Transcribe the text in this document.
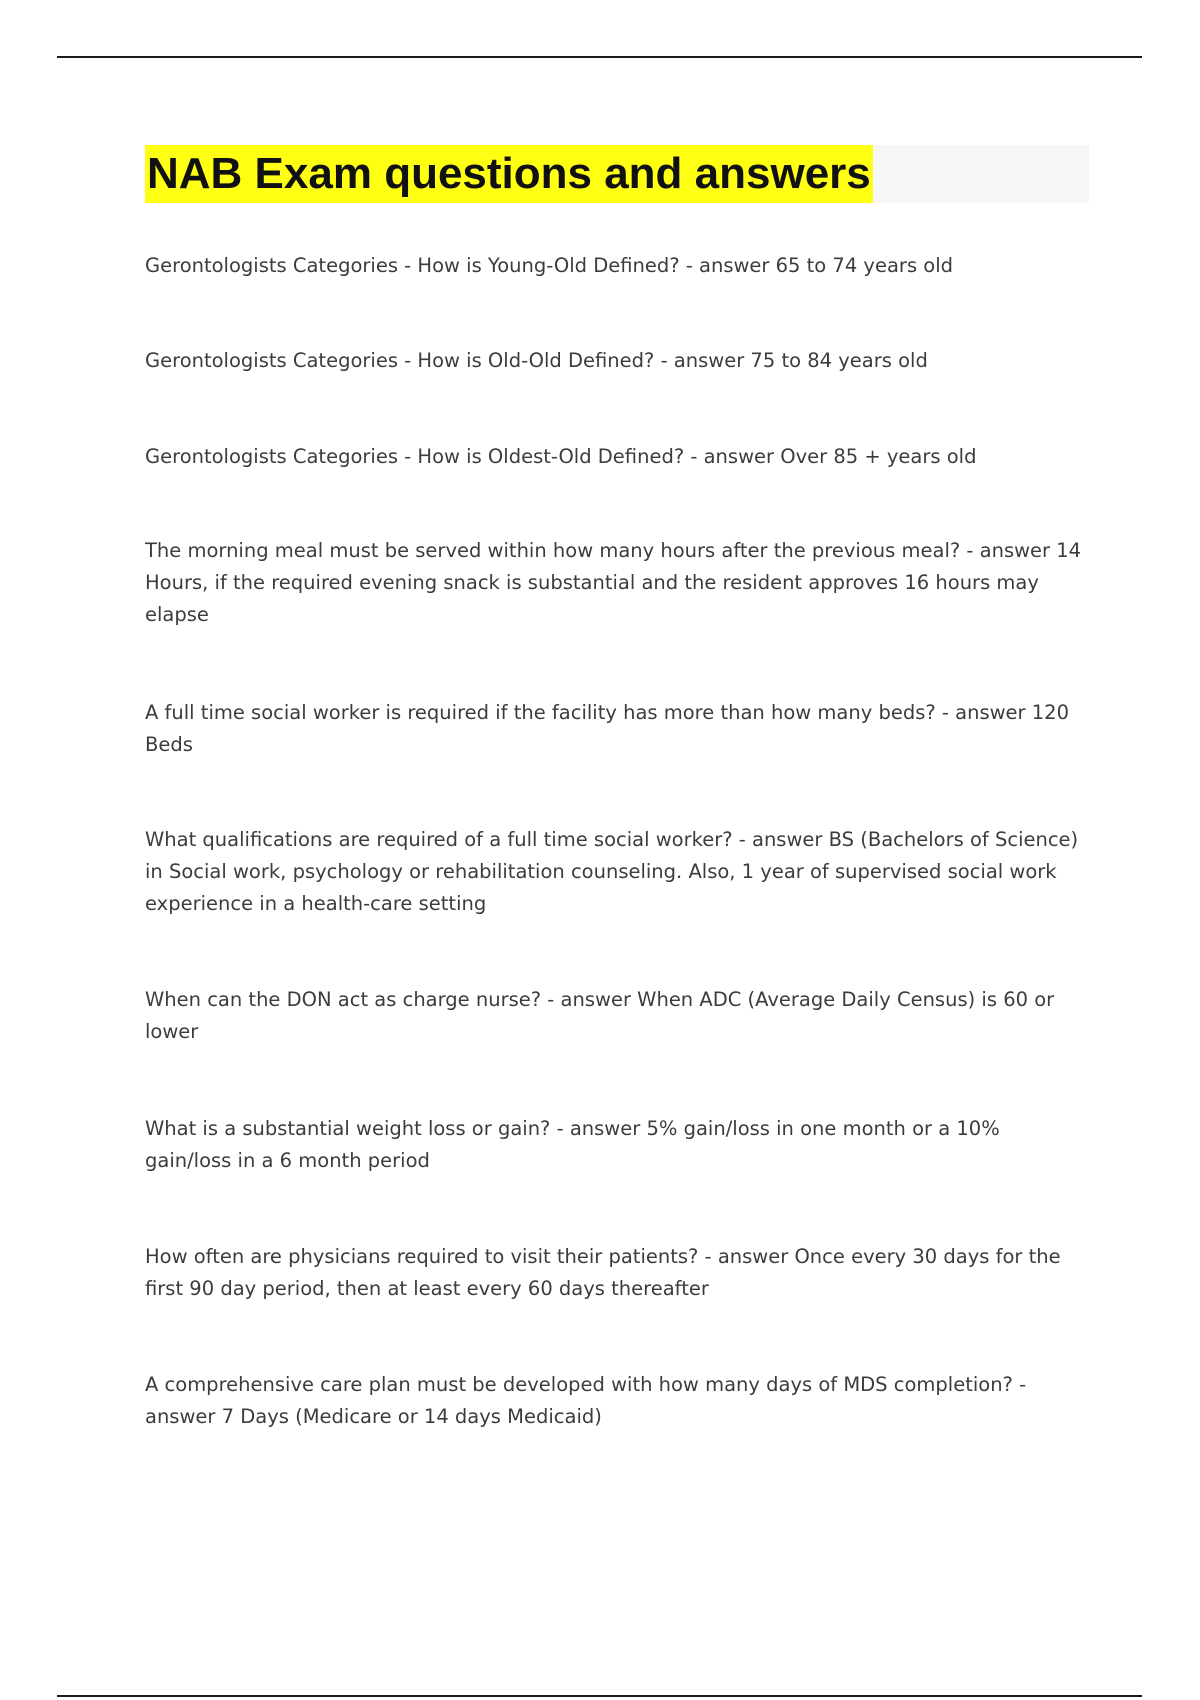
NAB Exam questions and answers

Gerontologists Categories - How is Young-Old Defined? - answer 65 to 74 years old

Gerontologists Categories - How is Old-Old Defined? - answer 75 to 84 years old

Gerontologists Categories - How is Oldest-Old Defined? - answer Over 85 + years old

The morning meal must be served within how many hours after the previous meal? - answer 14 Hours, if the required evening snack is substantial and the resident approves 16 hours may elapse

A full time social worker is required if the facility has more than how many beds? - answer 120 Beds

What qualifications are required of a full time social worker? - answer BS (Bachelors of Science) in Social work, psychology or rehabilitation counseling. Also, 1 year of supervised social work experience in a health-care setting

When can the DON act as charge nurse? - answer When ADC (Average Daily Census) is 60 or lower

What is a substantial weight loss or gain? - answer 5% gain/loss in one month or a 10% gain/loss in a 6 month period

How often are physicians required to visit their patients? - answer Once every 30 days for the first 90 day period, then at least every 60 days thereafter

A comprehensive care plan must be developed with how many days of MDS completion? - answer 7 Days (Medicare or 14 days Medicaid)
